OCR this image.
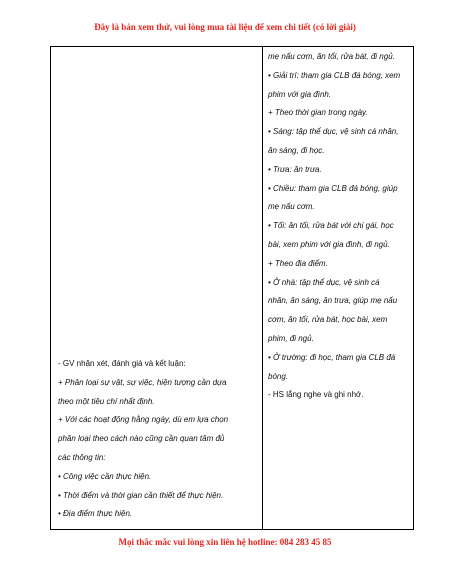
Đây là bản xem thử, vui lòng mua tài liệu để xem chi tiết (có lời giải)
- GV nhận xét, đánh giá và kết luận:
+ Phân loại sự vật, sự việc, hiện tượng cần dựa
theo một tiêu chí nhất định.
+ Với các hoạt động hằng ngày, dù em lựa chọn
phân loại theo cách nào cũng cần quan tâm đủ
các thông tin:
• Công việc cần thực hiện.
• Thời điểm và thời gian cần thiết để thực hiện.
• Địa điểm thực hiện.
mẹ nấu cơm, ăn tối, rửa bát, đi ngủ.
• Giải trí: tham gia CLB đá bóng, xem
phim với gia đình.
+ Theo thời gian trong ngày.
• Sáng: tập thể dục, vệ sinh cá nhân,
ăn sáng, đi học.
• Trưa: ăn trưa.
• Chiều: tham gia CLB đá bóng, giúp
mẹ nấu cơm.
• Tối: ăn tối, rửa bát với chị gái, học
bài, xem phim với gia đình, đi ngủ.
+ Theo địa điểm.
• Ở nhà: tập thể dục, vệ sinh cá
nhân, ăn sáng, ăn trưa, giúp mẹ nấu
cơm, ăn tối, rửa bát, học bài, xem
phim, đi ngủ.
• Ở trường: đi học, tham gia CLB đá
bóng.
- HS lắng nghe và ghi nhớ.
Mọi thắc mắc vui lòng xin liên hệ hotline: 084 283 45 85
